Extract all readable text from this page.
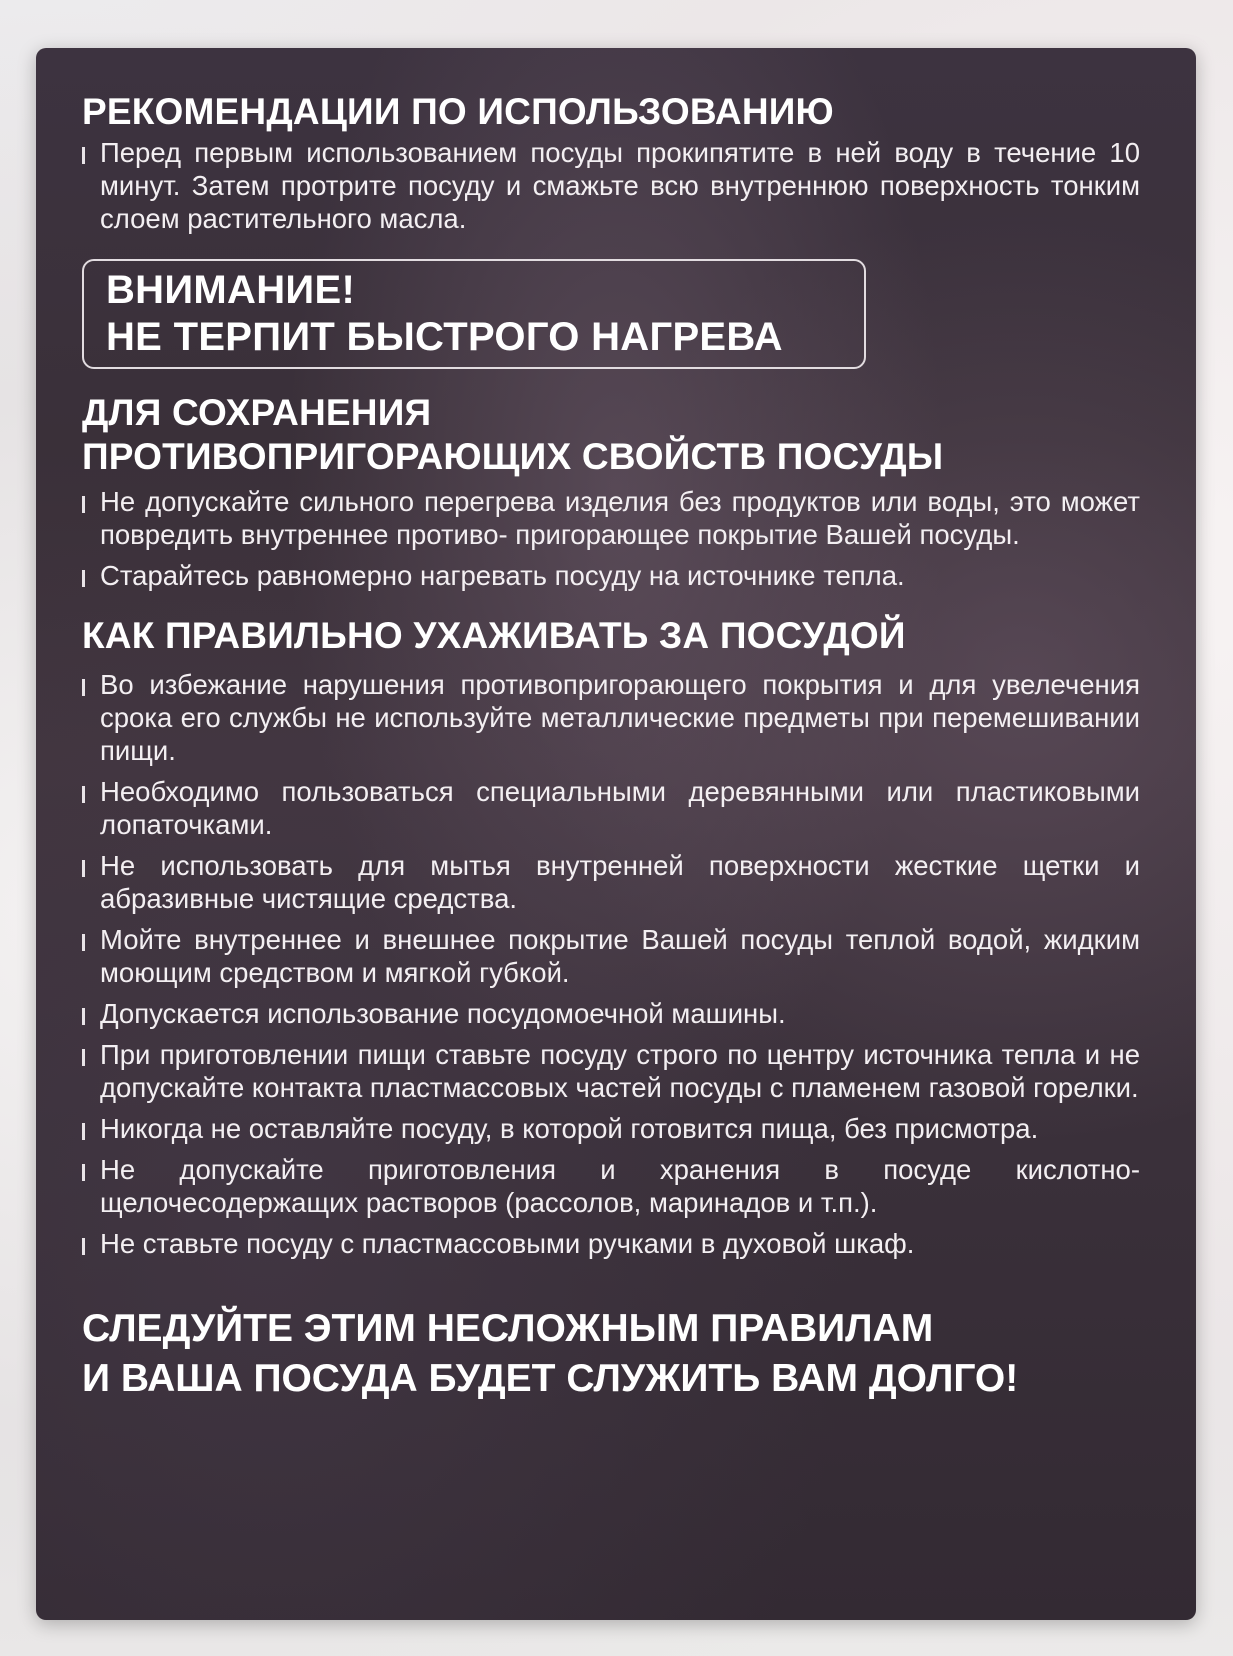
РЕКОМЕНДАЦИИ ПО ИСПОЛЬЗОВАНИЮ
Перед первым использованием посуды прокипятите в ней воду в течение 10 минут. Затем протрите посуду и смажьте всю внутреннюю поверхность тонким слоем растительного масла.
ВНИМАНИЕ!
НЕ ТЕРПИТ БЫСТРОГО НАГРЕВА
ДЛЯ СОХРАНЕНИЯ
ПРОТИВОПРИГОРАЮЩИХ СВОЙСТВ ПОСУДЫ
Не допускайте сильного перегрева изделия без продуктов или воды, это может повредить внутреннее противо- пригорающее покрытие Вашей посуды.
Старайтесь равномерно нагревать посуду на источнике тепла.
КАК ПРАВИЛЬНО УХАЖИВАТЬ ЗА ПОСУДОЙ
Во избежание нарушения противопригорающего покрытия и для увелечения срока его службы не используйте металлические предметы при перемешивании пищи.
Необходимо пользоваться специальными деревянными или пластиковыми лопаточками.
Не использовать для мытья внутренней поверхности жесткие щетки и абразивные чистящие средства.
Мойте внутреннее и внешнее покрытие Вашей посуды теплой водой, жидким моющим средством и мягкой губкой.
Допускается использование посудомоечной машины.
При приготовлении пищи ставьте посуду строго по центру источника тепла и не допускайте контакта пластмассовых частей посуды с пламенем газовой горелки.
Никогда не оставляйте посуду, в которой готовится пища, без присмотра.
Не допускайте приготовления и хранения в посуде кислотно-щелочесодержащих растворов (рассолов, маринадов и т.п.).
Не ставьте посуду с пластмассовыми ручками в духовой шкаф.
СЛЕДУЙТЕ ЭТИМ НЕСЛОЖНЫМ ПРАВИЛАМ
И ВАША ПОСУДА БУДЕТ СЛУЖИТЬ ВАМ ДОЛГО!
